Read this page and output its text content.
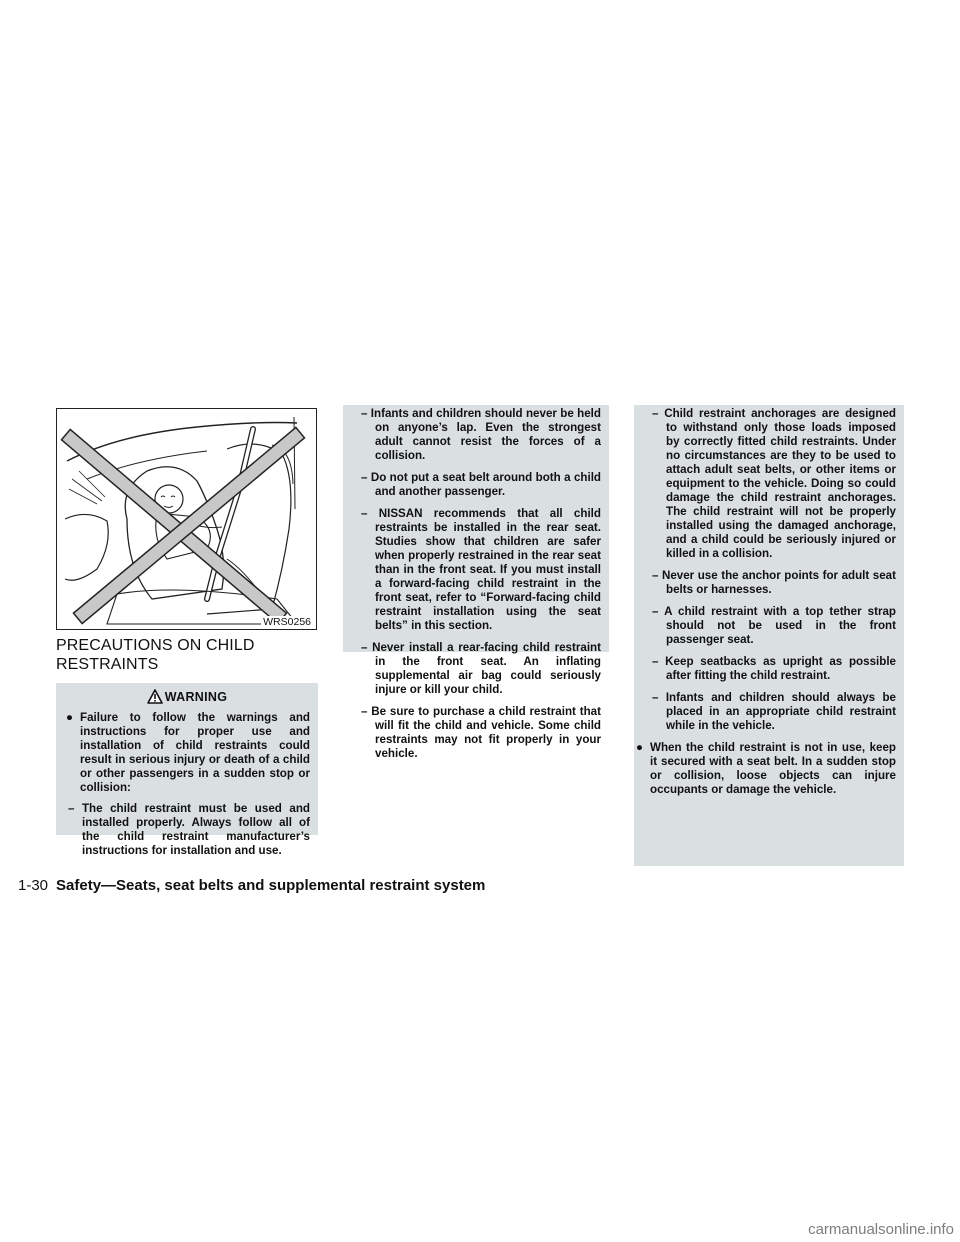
WRS0256
PRECAUTIONS ON CHILD RESTRAINTS
WARNING
● Failure to follow the warnings and instructions for proper use and installation of child restraints could result in serious injury or death of a child or other passengers in a sudden stop or collision:
– The child restraint must be used and installed properly. Always follow all of the child restraint manufacturer’s instructions for installation and use.
– Infants and children should never be held on anyone’s lap. Even the strongest adult cannot resist the forces of a collision.
– Do not put a seat belt around both a child and another passenger.
– NISSAN recommends that all child restraints be installed in the rear seat. Studies show that children are safer when properly restrained in the rear seat than in the front seat. If you must install a forward-facing child restraint in the front seat, refer to “Forward-facing child restraint installation using the seat belts” in this section.
– Never install a rear-facing child restraint in the front seat. An inflating supplemental air bag could seriously injure or kill your child.
– Be sure to purchase a child restraint that will fit the child and vehicle. Some child restraints may not fit properly in your vehicle.
– Child restraint anchorages are designed to withstand only those loads imposed by correctly fitted child restraints. Under no circumstances are they to be used to attach adult seat belts, or other items or equipment to the vehicle. Doing so could damage the child restraint anchorages. The child restraint will not be properly installed using the damaged anchorage, and a child could be seriously injured or killed in a collision.
– Never use the anchor points for adult seat belts or harnesses.
– A child restraint with a top tether strap should not be used in the front passenger seat.
– Keep seatbacks as upright as possible after fitting the child restraint.
– Infants and children should always be placed in an appropriate child restraint while in the vehicle.
● When the child restraint is not in use, keep it secured with a seat belt. In a sudden stop or collision, loose objects can injure occupants or damage the vehicle.
1-30 Safety—Seats, seat belts and supplemental restraint system
carmanualsonline.info
